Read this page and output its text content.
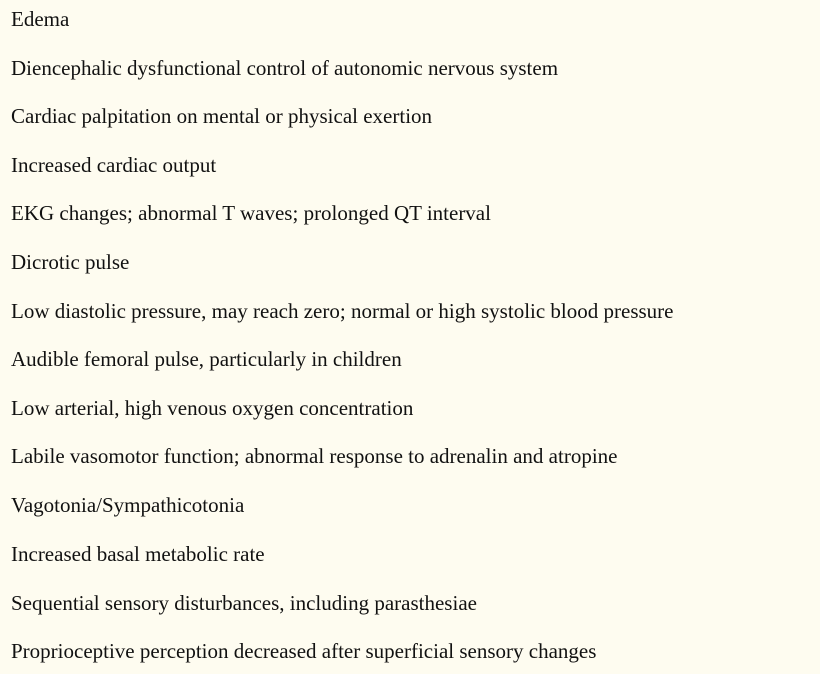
Edema
Diencephalic dysfunctional control of autonomic nervous system
Cardiac palpitation on mental or physical exertion
Increased cardiac output
EKG changes; abnormal T waves; prolonged QT interval
Dicrotic pulse
Low diastolic pressure, may reach zero; normal or high systolic blood pressure
Audible femoral pulse, particularly in children
Low arterial, high venous oxygen concentration
Labile vasomotor function; abnormal response to adrenalin and atropine
Vagotonia/Sympathicotonia
Increased basal metabolic rate
Sequential sensory disturbances, including parasthesiae
Proprioceptive perception decreased after superficial sensory changes
